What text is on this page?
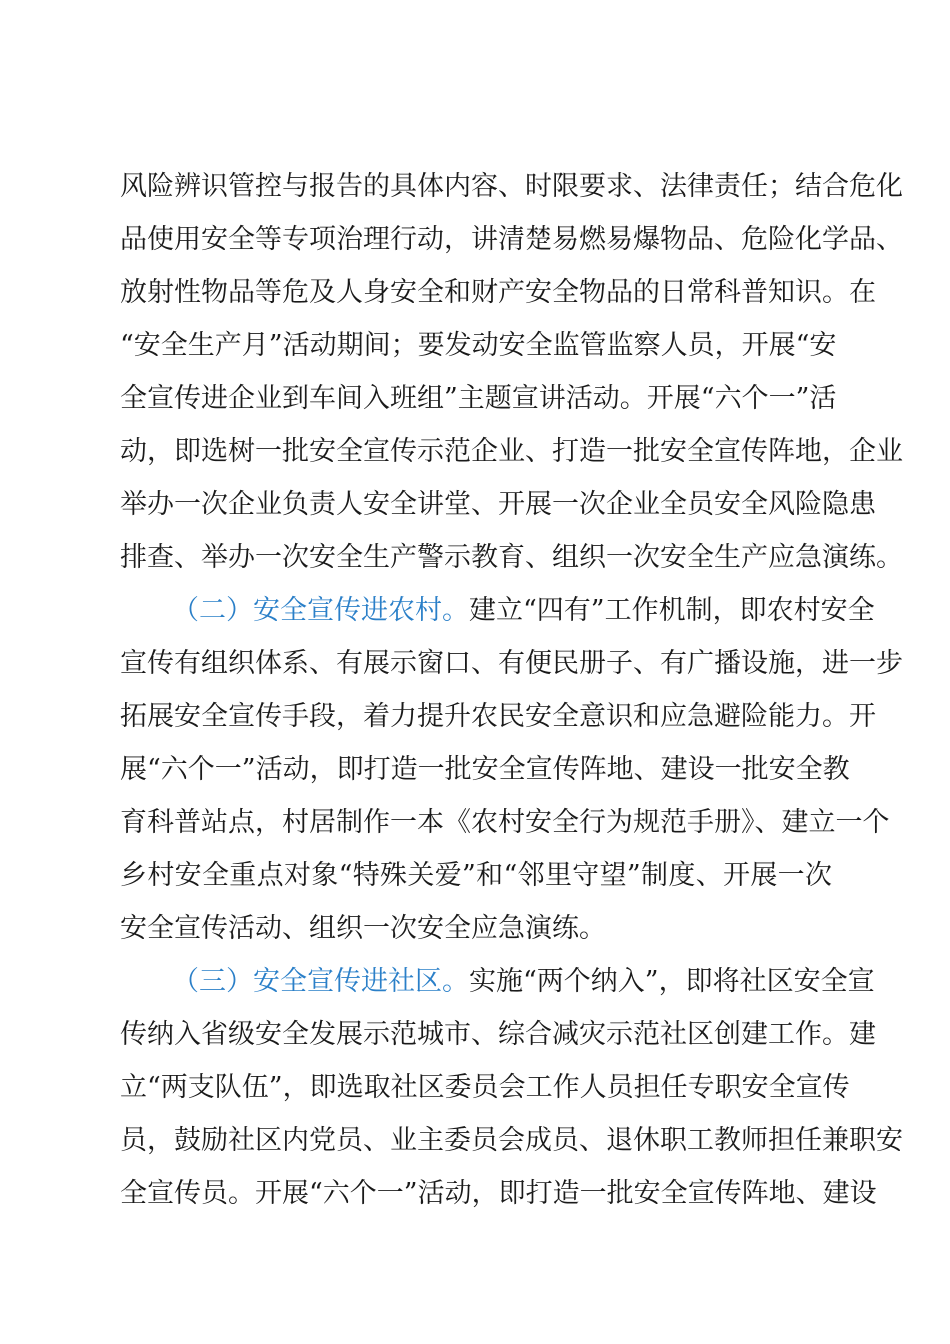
风险辨识管控与报告的具体内容、时限要求、法律责任；结合危化
品使用安全等专项治理行动，讲清楚易燃易爆物品、危险化学品、
放射性物品等危及人身安全和财产安全物品的日常科普知识。在
“安全生产月”活动期间；要发动安全监管监察人员，开展“安
全宣传进企业到车间入班组”主题宣讲活动。开展“六个一”活
动，即选树一批安全宣传示范企业、打造一批安全宣传阵地，企业
举办一次企业负责人安全讲堂、开展一次企业全员安全风险隐患
排查、举办一次安全生产警示教育、组织一次安全生产应急演练。
（二）安全宣传进农村。建立“四有”工作机制，即农村安全
宣传有组织体系、有展示窗口、有便民册子、有广播设施，进一步
拓展安全宣传手段，着力提升农民安全意识和应急避险能力。开
展“六个一”活动，即打造一批安全宣传阵地、建设一批安全教
育科普站点，村居制作一本《农村安全行为规范手册》、建立一个
乡村安全重点对象“特殊关爱”和“邻里守望”制度、开展一次
安全宣传活动、组织一次安全应急演练。
（三）安全宣传进社区。实施“两个纳入”，即将社区安全宣
传纳入省级安全发展示范城市、综合减灾示范社区创建工作。建
立“两支队伍”，即选取社区委员会工作人员担任专职安全宣传
员，鼓励社区内党员、业主委员会成员、退休职工教师担任兼职安
全宣传员。开展“六个一”活动，即打造一批安全宣传阵地、建设
